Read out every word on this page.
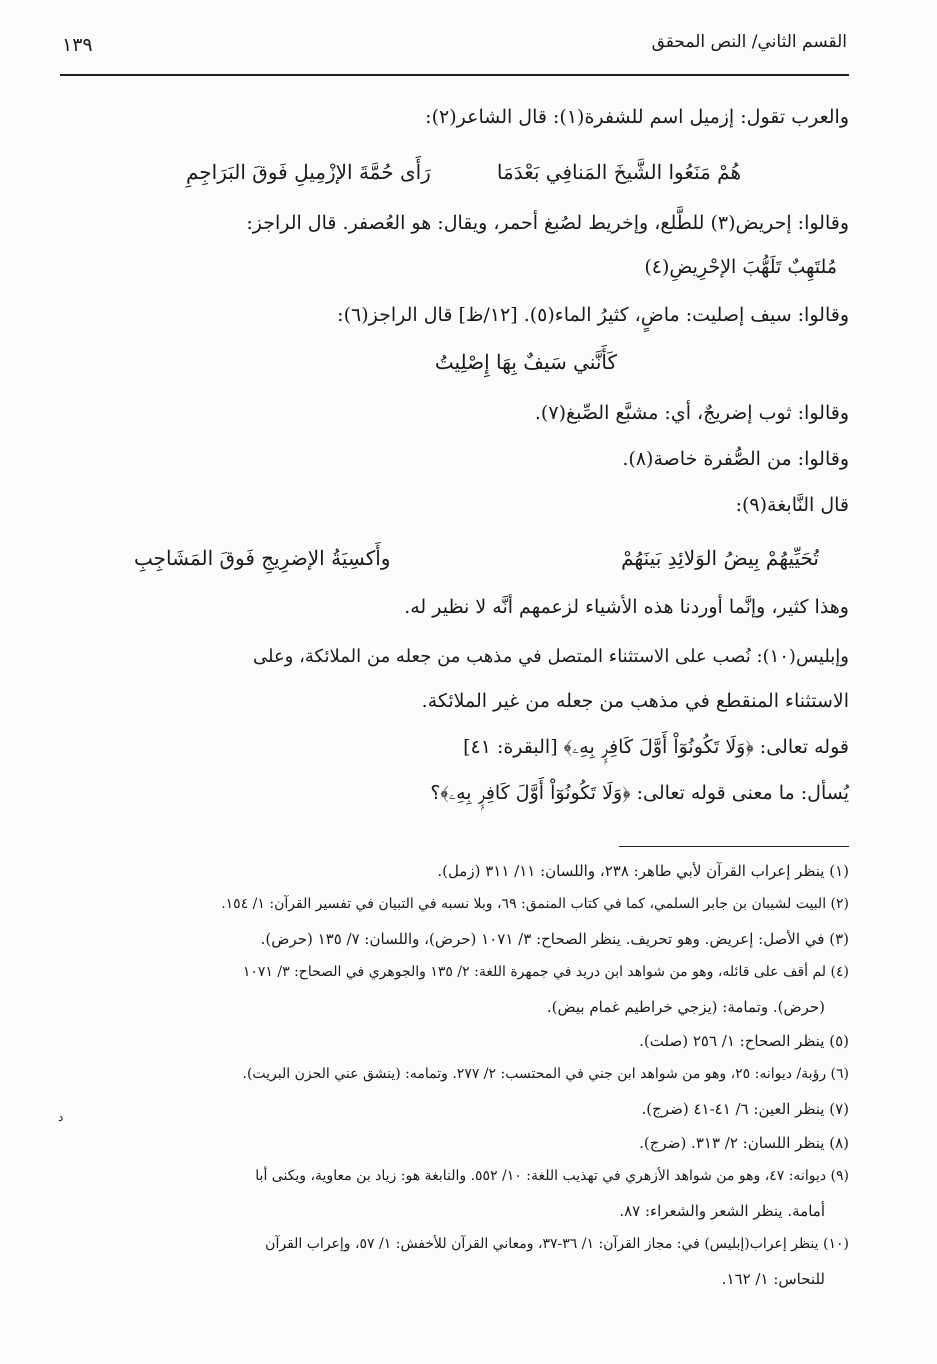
القسم الثاني/ النص المحقق
١٣٩
والعرب تقول: إزميل اسم للشفرة(١): قال الشاعر(٢):
هُمْ مَنَعُوا الشَّيخَ المَنافِي بَعْدَمَا
رَأَى حُمَّةَ الإزْمِيلِ فَوقَ البَرَاجِمِ
وقالوا: إحريض(٣) للطَّلع، وإخريط لصُبغ أحمر، ويقال: هو العُصفر. قال الراجز:
مُلتَهِبٌ تَلَهُّبَ الإحْرِيضِ(٤)
وقالوا: سيف إصليت: ماضٍ، كثيرُ الماء(٥). [١٢/ظ] قال الراجز(٦):
كَأَنَّني سَيفٌ بِهَا إِصْلِيتُ
وقالوا: ثوب إضريجٌ، أي: مشبَّع الصِّبغ(٧).
وقالوا: من الصُّفرة خاصة(٨).
قال النَّابغة(٩):
تُحَيِّيهُمْ بِيضُ الوَلائِدِ بَينَهُمْ
وأَكسِيَةُ الإضرِيجِ فَوقَ المَشَاجِبِ
وهذا كثير، وإنَّما أوردنا هذه الأشياء لزعمهم أنَّه لا نظير له.
وإبليس(١٠): نُصب على الاستثناء المتصل في مذهب من جعله من الملائكة، وعلى
الاستثناء المنقطع في مذهب من جعله من غير الملائكة.
قوله تعالى: ﴿وَلَا تَكُونُوٓاْ أَوَّلَ كَافِرِۭ بِهِۦ﴾ [البقرة: ٤١]
يُسأل: ما معنى قوله تعالى: ﴿وَلَا تَكُونُوٓاْ أَوَّلَ كَافِرِۭ بِهِۦ﴾؟
(١) ينظر إعراب القرآن لأبي طاهر: ٢٣٨، واللسان: ١١/ ٣١١ (زمل).
(٢) البيت لشيبان بن جابر السلمي، كما في كتاب المنمق: ٦٩، وبلا نسبه في التبيان في تفسير القرآن: ١/ ١٥٤.
(٣) في الأصل: إعريض. وهو تحريف. ينظر الصحاح: ٣/ ١٠٧١ (حرض)، واللسان: ٧/ ١٣٥ (حرض).
(٤) لم أقف على قائله، وهو من شواهد ابن دريد في جمهرة اللغة: ٢/ ١٣٥ والجوهري في الصحاح: ٣/ ١٠٧١
(حرض). وتمامة: (يزجي خراطيم غمام بيض).
(٥) ينظر الصحاح: ١/ ٢٥٦ (صلت).
(٦) رؤبة/ ديوانه: ٢٥، وهو من شواهد ابن جني في المحتسب: ٢/ ٢٧٧. وتمامه: (ينشق عني الحزن البريت).
(٧) ينظر العين: ٦/ ٤١-٤١ (ضرج).
(٨) ينظر اللسان: ٢/ ٣١٣. (ضرج).
(٩) ديوانه: ٤٧، وهو من شواهد الأزهري في تهذيب اللغة: ١٠/ ٥٥٢. والنابغة هو: زياد بن معاوية، ويكنى أبا
أمامة. ينظر الشعر والشعراء: ٨٧.
(١٠) ينظر إعراب(إبليس) في: مجاز القرآن: ١/ ٣٦-٣٧، ومعاني القرآن للأخفش: ١/ ٥٧، وإعراب القرآن
للنحاس: ١/ ١٦٢.
د
